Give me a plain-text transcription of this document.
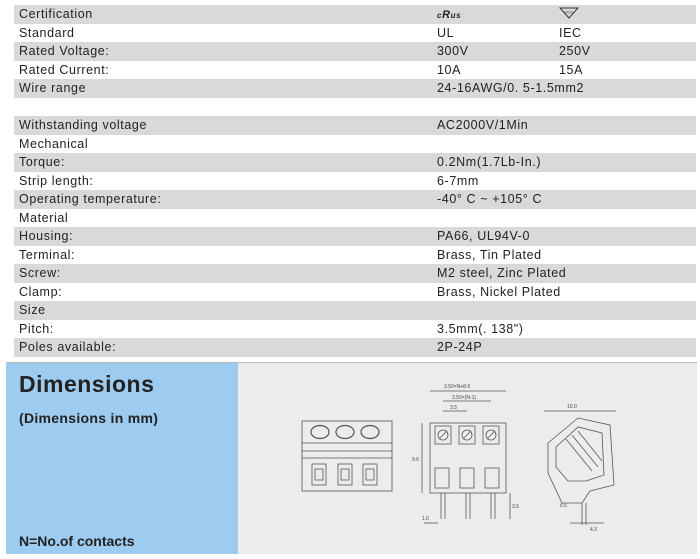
Certification	cRus	VDE
Standard	UL	IEC
Rated Voltage:	300V	250V
Rated Current:	10A	15A
Wire range	24-16AWG/0. 5-1.5mm2
Withstanding voltage	AC2000V/1Min
Mechanical
Torque:	0.2Nm(1.7Lb-In.)
Strip length:	6-7mm
Operating temperature:	-40° C ~ +105° C
Material
Housing:	PA66, UL94V-0
Terminal:	Brass, Tin Plated
Screw:	M2 steel, Zinc Plated
Clamp:	Brass, Nickel Plated
Size
Pitch:	3.5mm(. 138")
Poles available:	2P-24P
Dimensions
(Dimensions in mm)
N=No.of contacts
3.50×N+8.6
3.50×(N-1)
3.5
9.6
1.0
3.5
10.0
6.5
4.3
